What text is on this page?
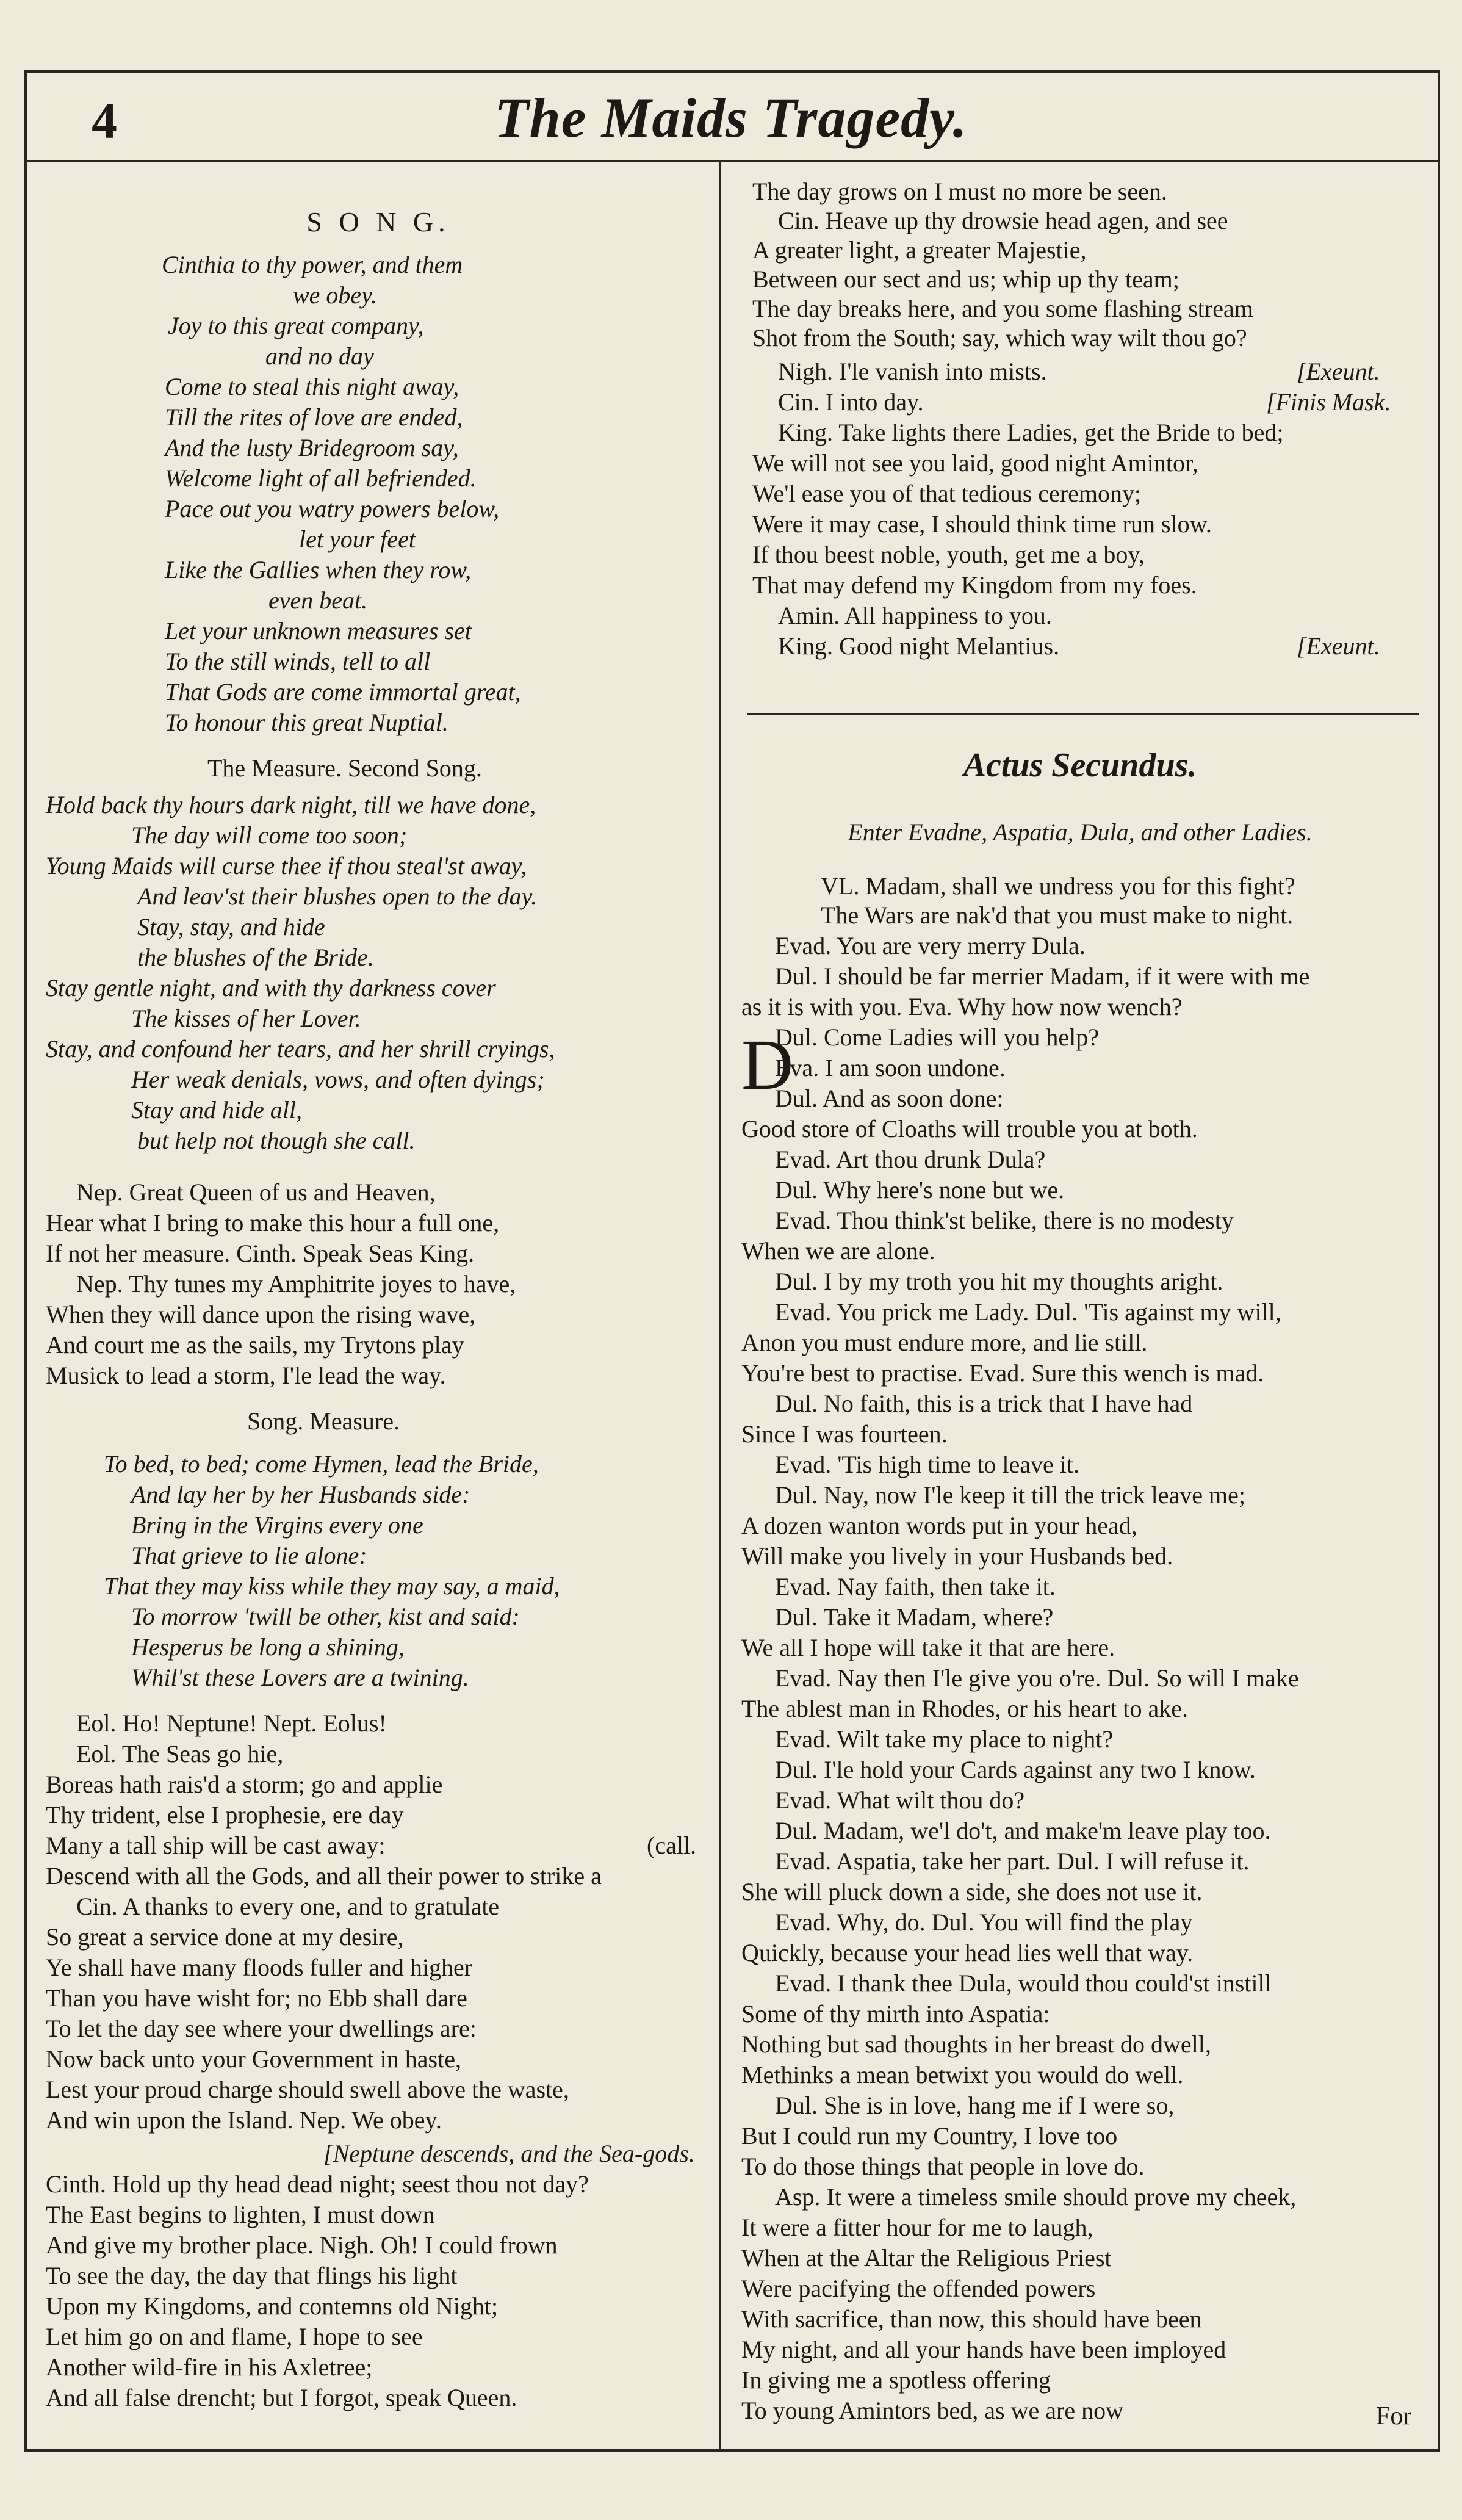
4	The Maids Tragedy.
S O N G.
Cinthia to thy power, and them
we obey.
Joy to this great company,
and no day
Come to steal this night away,
Till the rites of love are ended,
And the lusty Bridegroom say,
Welcome light of all befriended.
Pace out you watry powers below,
let your feet
Like the Gallies when they row,
even beat.
Let your unknown measures set
To the still winds, tell to all
That Gods are come immortal great,
To honour this great Nuptial.
The Measure. Second Song.
Hold back thy hours dark night, till we have done,
The day will come too soon;
Young Maids will curse thee if thou steal'st away,
And leav'st their blushes open to the day.
Stay, stay, and hide
the blushes of the Bride.
Stay gentle night, and with thy darkness cover
The kisses of her Lover.
Stay, and confound her tears, and her shrill cryings,
Her weak denials, vows, and often dyings;
Stay and hide all,
but help not though she call.
Nep. Great Queen of us and Heaven,
Hear what I bring to make this hour a full one,
If not her measure. Cinth. Speak Seas King.
Nep. Thy tunes my Amphitrite joyes to have,
When they will dance upon the rising wave,
And court me as the sails, my Trytons play
Musick to lead a storm, I'le lead the way.
Song. Measure.
To bed, to bed; come Hymen, lead the Bride,
And lay her by her Husbands side:
Bring in the Virgins every one
That grieve to lie alone:
That they may kiss while they may say, a maid,
To morrow 'twill be other, kist and said:
Hesperus be long a shining,
Whil'st these Lovers are a twining.
Eol. Ho! Neptune! Nept. Eolus!
Eol. The Seas go hie,
Boreas hath rais'd a storm; go and applie
Thy trident, else I prophesie, ere day
Many a tall ship will be cast away:	(call.
Descend with all the Gods, and all their power to strike a
Cin. A thanks to every one, and to gratulate
So great a service done at my desire,
Ye shall have many floods fuller and higher
Than you have wisht for; no Ebb shall dare
To let the day see where your dwellings are:
Now back unto your Government in haste,
Lest your proud charge should swell above the waste,
And win upon the Island. Nep. We obey.
[Neptune descends, and the Sea-gods.
Cinth. Hold up thy head dead night; seest thou not day?
The East begins to lighten, I must down
And give my brother place. Nigh. Oh! I could frown
To see the day, the day that flings his light
Upon my Kingdoms, and contemns old Night;
Let him go on and flame, I hope to see
Another wild-fire in his Axletree;
And all false drencht; but I forgot, speak Queen.
D
The day grows on I must no more be seen.
Cin. Heave up thy drowsie head agen, and see
A greater light, a greater Majestie,
Between our sect and us; whip up thy team;
The day breaks here, and you some flashing stream
Shot from the South; say, which way wilt thou go?
Nigh. I'le vanish into mists.	[Exeunt.
Cin. I into day.	[Finis Mask.
King. Take lights there Ladies, get the Bride to bed;
We will not see you laid, good night Amintor,
We'l ease you of that tedious ceremony;
Were it may case, I should think time run slow.
If thou beest noble, youth, get me a boy,
That may defend my Kingdom from my foes.
Amin. All happiness to you.
King. Good night Melantius.	[Exeunt.
Actus Secundus.
Enter Evadne, Aspatia, Dula, and other Ladies.
VL. Madam, shall we undress you for this fight?
The Wars are nak'd that you must make to night.
Evad. You are very merry Dula.
Dul. I should be far merrier Madam, if it were with me
as it is with you. Eva. Why how now wench?
Dul. Come Ladies will you help?
Eva. I am soon undone.
Dul. And as soon done:
Good store of Cloaths will trouble you at both.
Evad. Art thou drunk Dula?
Dul. Why here's none but we.
Evad. Thou think'st belike, there is no modesty
When we are alone.
Dul. I by my troth you hit my thoughts aright.
Evad. You prick me Lady. Dul. 'Tis against my will,
Anon you must endure more, and lie still.
You're best to practise. Evad. Sure this wench is mad.
Dul. No faith, this is a trick that I have had
Since I was fourteen.
Evad. 'Tis high time to leave it.
Dul. Nay, now I'le keep it till the trick leave me;
A dozen wanton words put in your head,
Will make you lively in your Husbands bed.
Evad. Nay faith, then take it.
Dul. Take it Madam, where?
We all I hope will take it that are here.
Evad. Nay then I'le give you o're. Dul. So will I make
The ablest man in Rhodes, or his heart to ake.
Evad. Wilt take my place to night?
Dul. I'le hold your Cards against any two I know.
Evad. What wilt thou do?
Dul. Madam, we'l do't, and make'm leave play too.
Evad. Aspatia, take her part. Dul. I will refuse it.
She will pluck down a side, she does not use it.
Evad. Why, do. Dul. You will find the play
Quickly, because your head lies well that way.
Evad. I thank thee Dula, would thou could'st instill
Some of thy mirth into Aspatia:
Nothing but sad thoughts in her breast do dwell,
Methinks a mean betwixt you would do well.
Dul. She is in love, hang me if I were so,
But I could run my Country, I love too
To do those things that people in love do.
Asp. It were a timeless smile should prove my cheek,
It were a fitter hour for me to laugh,
When at the Altar the Religious Priest
Were pacifying the offended powers
With sacrifice, than now, this should have been
My night, and all your hands have been imployed
In giving me a spotless offering
To young Amintors bed, as we are now	For
